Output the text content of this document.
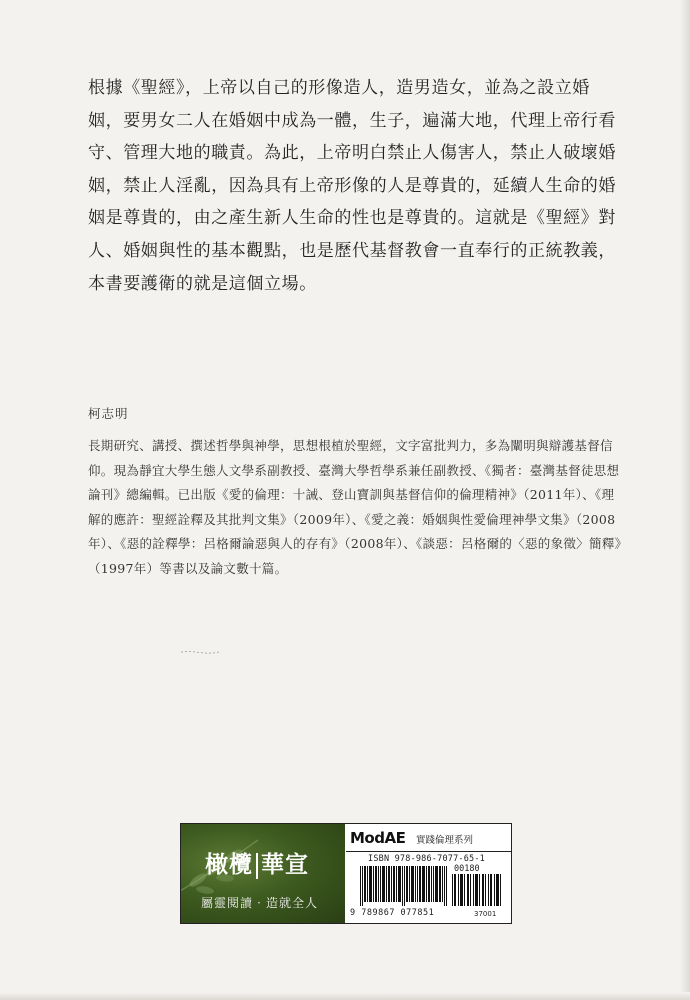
根據《聖經》，上帝以自己的形像造人，造男造女，並為之設立婚姻，要男女二人在婚姻中成為一體，生子，遍滿大地，代理上帝行看守、管理大地的職責。為此，上帝明白禁止人傷害人，禁止人破壞婚姻，禁止人淫亂，因為具有上帝形像的人是尊貴的，延續人生命的婚姻是尊貴的，由之產生新人生命的性也是尊貴的。這就是《聖經》對人、婚姻與性的基本觀點，也是歷代基督教會一直奉行的正統教義，本書要護衛的就是這個立場。
柯志明
長期研究、講授、撰述哲學與神學，思想根植於聖經，文字富批判力，多為闡明與辯護基督信仰。現為靜宜大學生態人文學系副教授、臺灣大學哲學系兼任副教授、《獨者：臺灣基督徒思想論刊》總編輯。已出版《愛的倫理：十誡、登山寶訓與基督信仰的倫理精神》（2011年）、《理解的應許：聖經詮釋及其批判文集》（2009年）、《愛之義：婚姻與性愛倫理神學文集》（2008年）、《惡的詮釋學：呂格爾論惡與人的存有》（2008年）、《談惡：呂格爾的〈惡的象徵〉簡釋》（1997年）等書以及論文數十篇。
橄欖 華宣
屬靈閱讀‧造就全人
ModAE 實踐倫理系列
ISBN 978-986-7077-65-1
00180
9 789867 077851	37001
